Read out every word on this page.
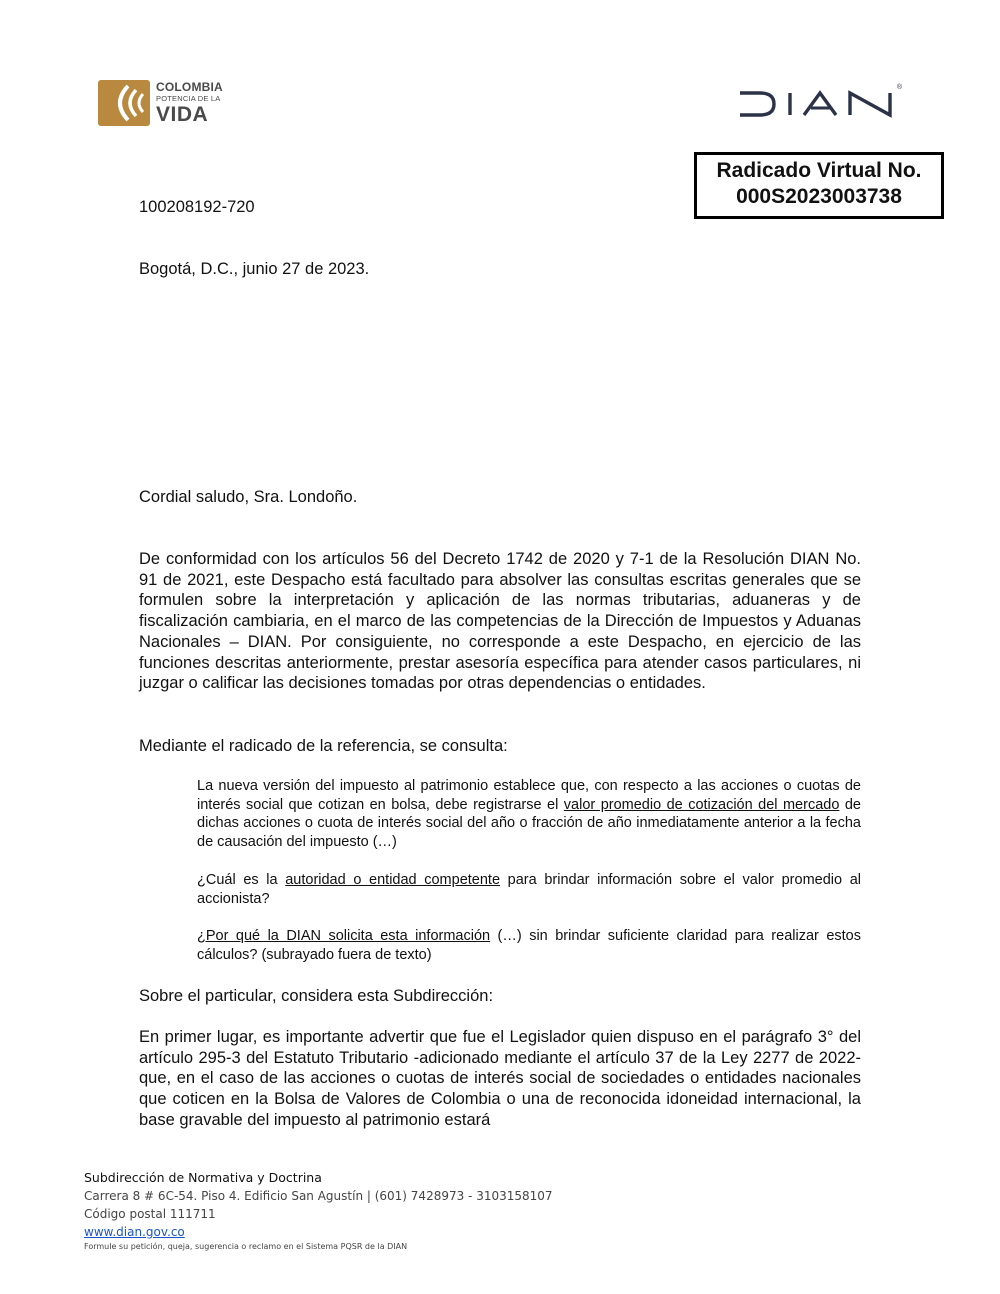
COLOMBIA
POTENCIA DE LA
VIDA
®
Radicado Virtual No.
000S2023003738
100208192-720
Bogotá, D.C., junio 27 de 2023.
Cordial saludo, Sra. Londoño.
De conformidad con los artículos 56 del Decreto 1742 de 2020 y 7-1 de la Resolución DIAN No. 91 de 2021, este Despacho está facultado para absolver las consultas escritas generales que se formulen sobre la interpretación y aplicación de las normas tributarias, aduaneras y de fiscalización cambiaria, en el marco de las competencias de la Dirección de Impuestos y Aduanas Nacionales – DIAN. Por consiguiente, no corresponde a este Despacho, en ejercicio de las funciones descritas anteriormente, prestar asesoría específica para atender casos particulares, ni juzgar o calificar las decisiones tomadas por otras dependencias o entidades.
Mediante el radicado de la referencia, se consulta:
La nueva versión del impuesto al patrimonio establece que, con respecto a las acciones o cuotas de interés social que cotizan en bolsa, debe registrarse el valor promedio de cotización del mercado de dichas acciones o cuota de interés social del año o fracción de año inmediatamente anterior a la fecha de causación del impuesto (…)
¿Cuál es la autoridad o entidad competente para brindar información sobre el valor promedio al accionista?
¿Por qué la DIAN solicita esta información (…) sin brindar suficiente claridad para realizar estos cálculos? (subrayado fuera de texto)
Sobre el particular, considera esta Subdirección:
En primer lugar, es importante advertir que fue el Legislador quien dispuso en el parágrafo 3° del artículo 295-3 del Estatuto Tributario -adicionado mediante el artículo 37 de la Ley 2277 de 2022- que, en el caso de las acciones o cuotas de interés social de sociedades o entidades nacionales que coticen en la Bolsa de Valores de Colombia o una de reconocida idoneidad internacional, la base gravable del impuesto al patrimonio estará
Subdirección de Normativa y Doctrina
Carrera 8 # 6C-54. Piso 4. Edificio San Agustín | (601) 7428973 - 3103158107
Código postal 111711
www.dian.gov.co
Formule su petición, queja, sugerencia o reclamo en el Sistema PQSR de la DIAN
